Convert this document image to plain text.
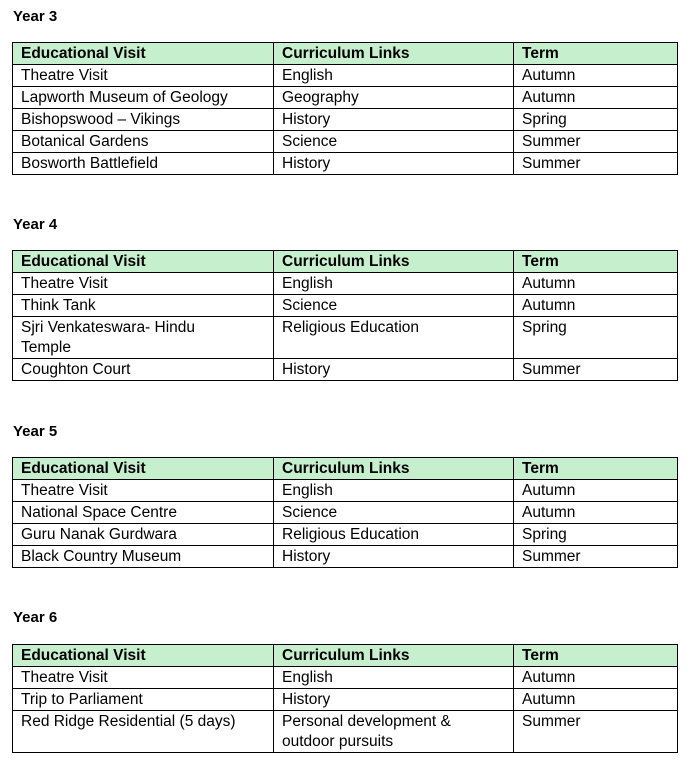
Year 3
Educational Visit	Curriculum Links	Term
Theatre Visit	English	Autumn
Lapworth Museum of Geology	Geography	Autumn
Bishopswood – Vikings	History	Spring
Botanical Gardens	Science	Summer
Bosworth Battlefield	History	Summer
Year 4
Educational Visit	Curriculum Links	Term
Theatre Visit	English	Autumn
Think Tank	Science	Autumn
Sjri Venkateswara- Hindu Temple	Religious Education	Spring
Coughton Court	History	Summer
Year 5
Educational Visit	Curriculum Links	Term
Theatre Visit	English	Autumn
National Space Centre	Science	Autumn
Guru Nanak Gurdwara	Religious Education	Spring
Black Country Museum	History	Summer
Year 6
Educational Visit	Curriculum Links	Term
Theatre Visit	English	Autumn
Trip to Parliament	History	Autumn
Red Ridge Residential (5 days)	Personal development & outdoor pursuits	Summer
